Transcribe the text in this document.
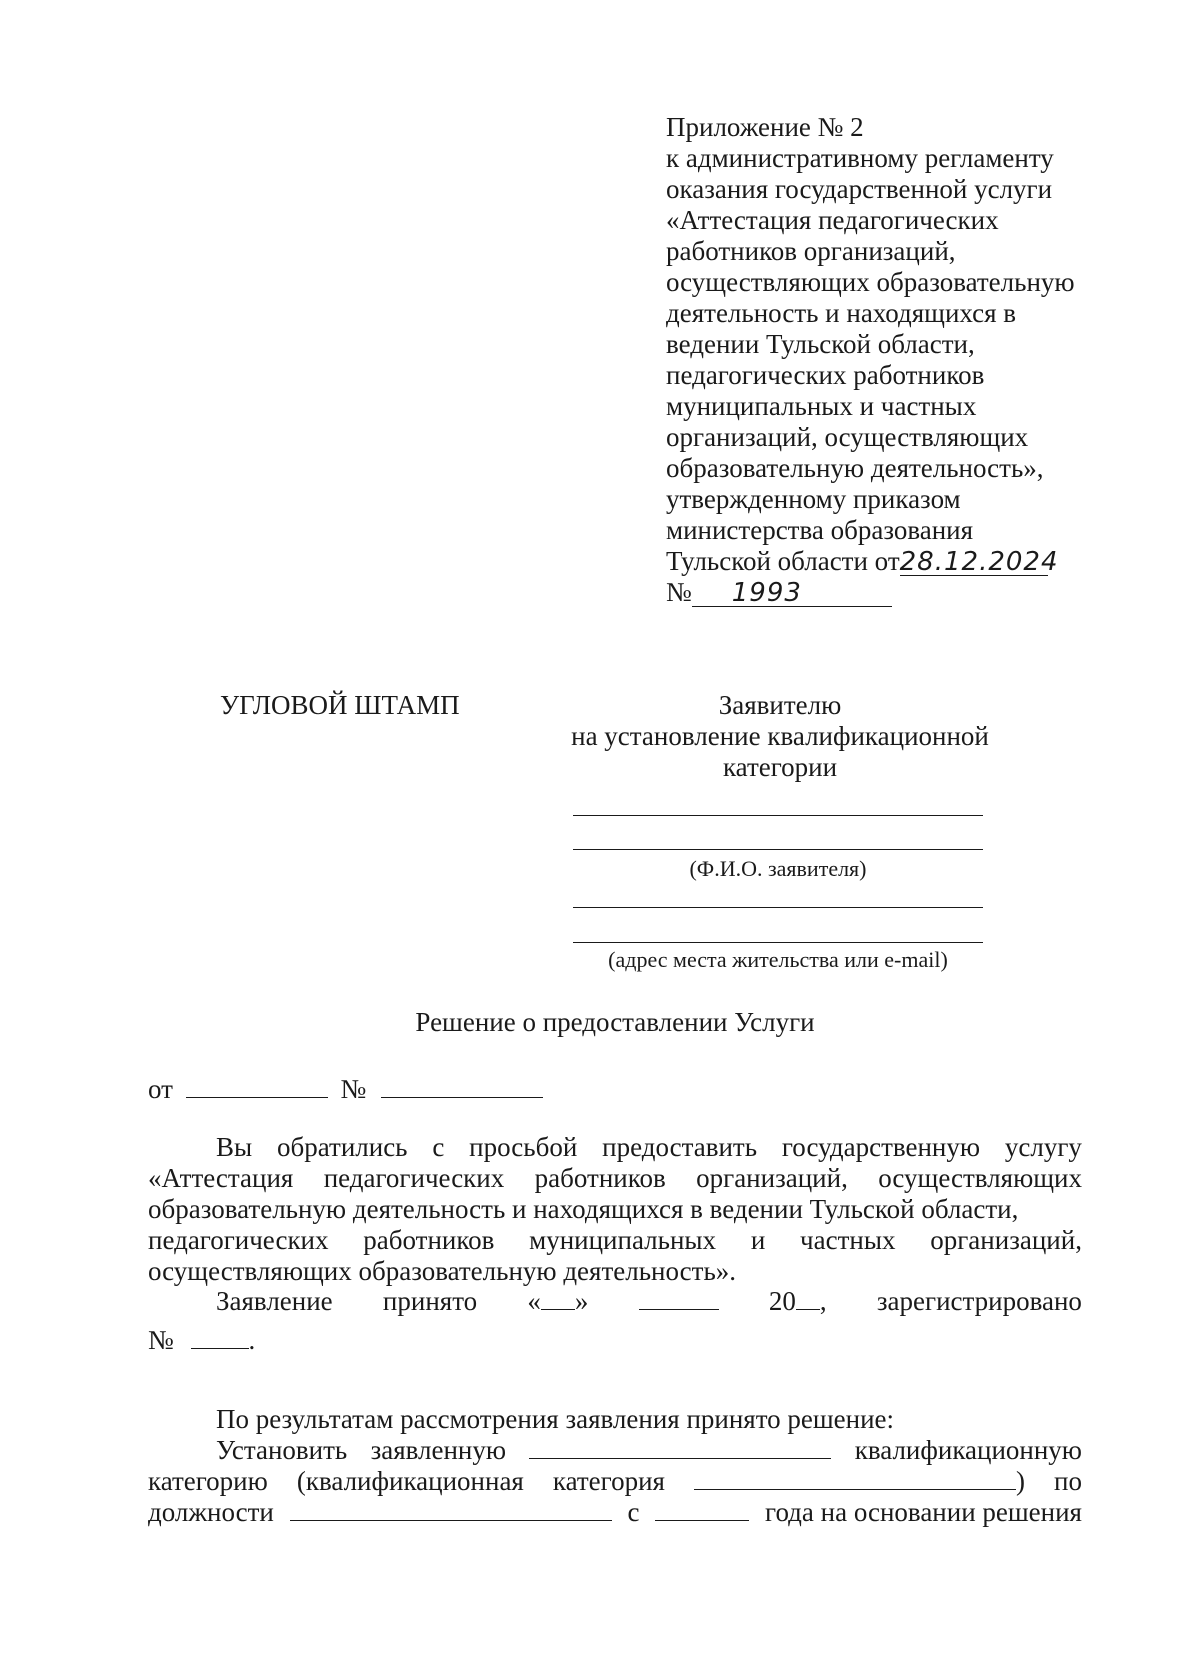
Приложение № 2
к административному регламенту
оказания государственной услуги
«Аттестация педагогических
работников организаций,
осуществляющих образовательную
деятельность и находящихся в
ведении Тульской области,
педагогических работников
муниципальных и частных
организаций, осуществляющих
образовательную деятельность»,
утвержденному приказом
министерства образования
Тульской области от28.12.2024
№ 1993
УГЛОВОЙ ШТАМП	Заявителю
на установление квалификационной
категории
(Ф.И.О. заявителя)
(адрес места жительства или e-mail)
Решение о предоставлении Услуги
от	№
Вы обратились с просьбой предоставить государственную услугу
«Аттестация педагогических работников организаций, осуществляющих
образовательную деятельность и находящихся в ведении Тульской области,
педагогических работников муниципальных и частных организаций,
осуществляющих образовательную деятельность».
Заявление принято « »	20 , зарегистрировано
№	.
По результатам рассмотрения заявления принято решение:
Установить заявленную	квалификационную
категорию (квалификационная категория	) по
должности	с	года на основании решения
